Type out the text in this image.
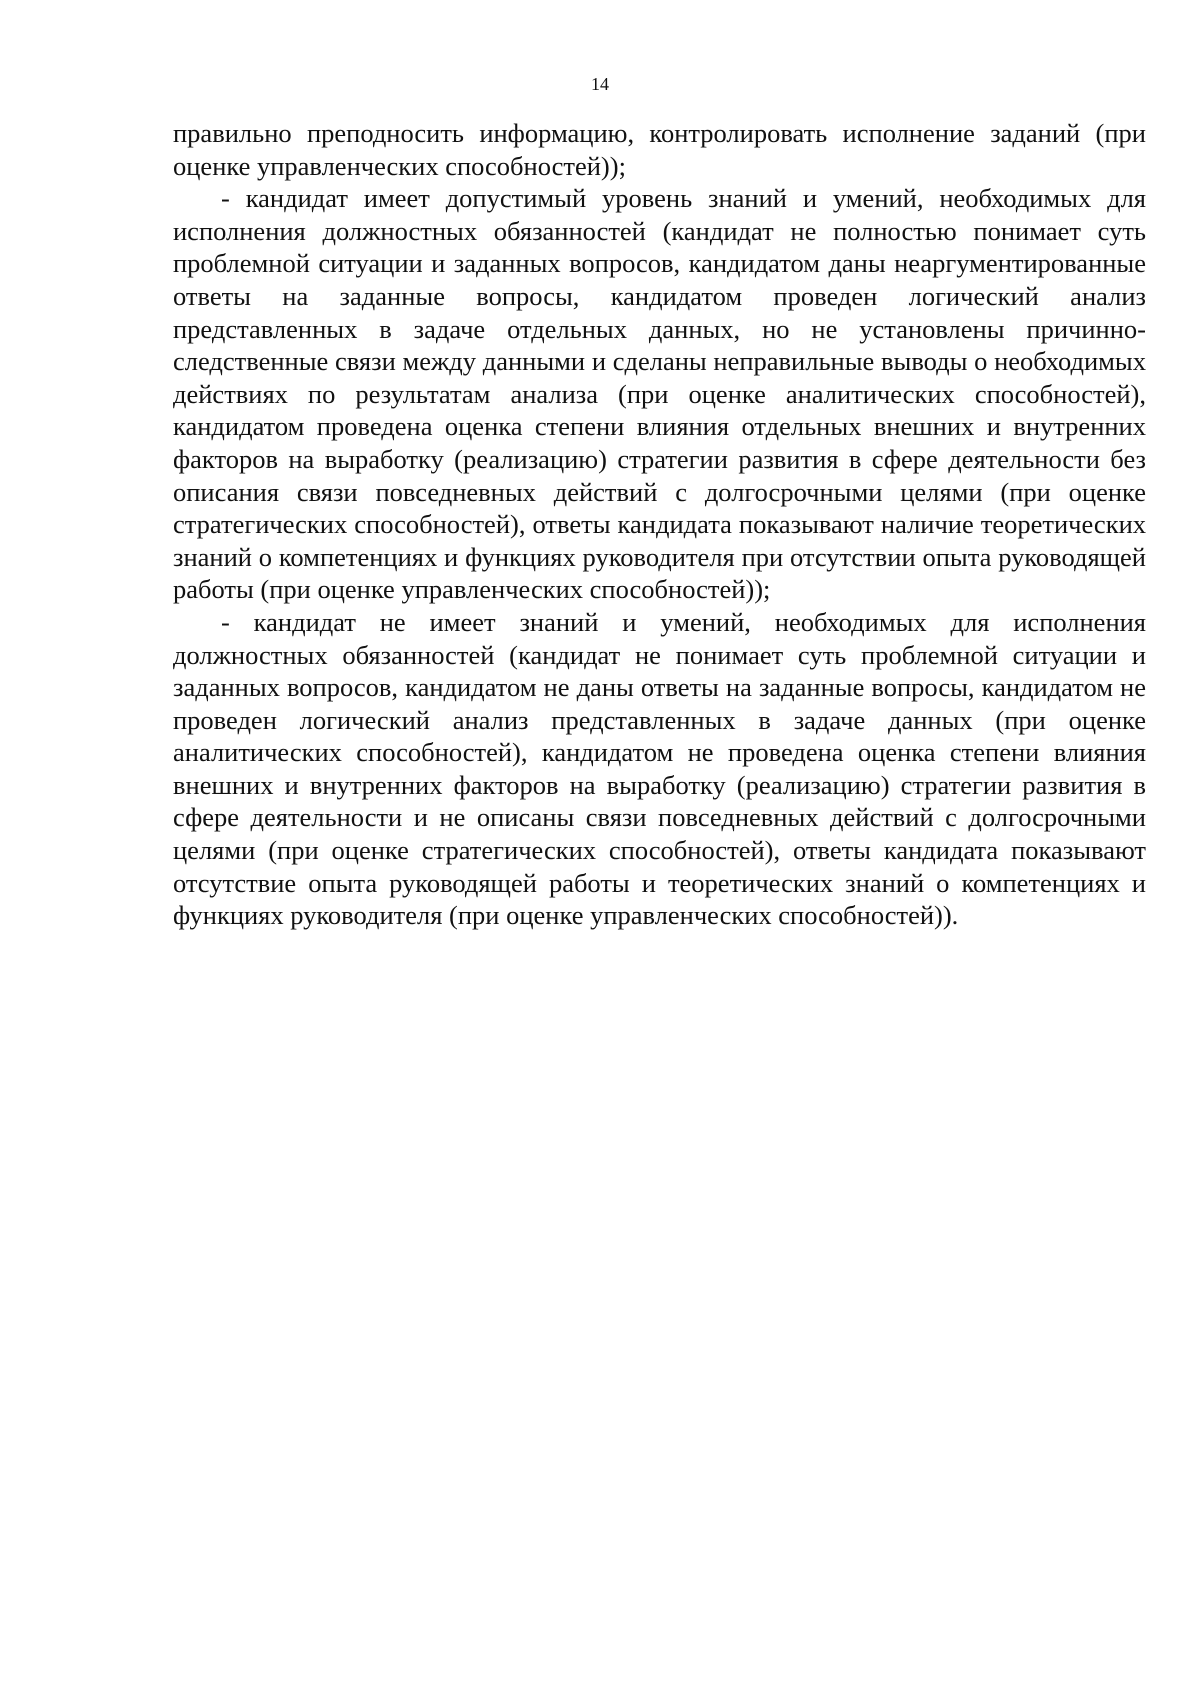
14

правильно преподносить информацию, контролировать исполнение заданий (при оценке управленческих способностей));

- кандидат имеет допустимый уровень знаний и умений, необходимых для исполнения должностных обязанностей (кандидат не полностью понимает суть проблемной ситуации и заданных вопросов, кандидатом даны неаргументированные ответы на заданные вопросы, кандидатом проведен логический анализ представленных в задаче отдельных данных, но не установлены причинно-следственные связи между данными и сделаны неправильные выводы о необходимых действиях по результатам анализа (при оценке аналитических способностей), кандидатом проведена оценка степени влияния отдельных внешних и внутренних факторов на выработку (реализацию) стратегии развития в сфере деятельности без описания связи повседневных действий с долгосрочными целями (при оценке стратегических способностей), ответы кандидата показывают наличие теоретических знаний о компетенциях и функциях руководителя при отсутствии опыта руководящей работы (при оценке управленческих способностей));

- кандидат не имеет знаний и умений, необходимых для исполнения должностных обязанностей (кандидат не понимает суть проблемной ситуации и заданных вопросов, кандидатом не даны ответы на заданные вопросы, кандидатом не проведен логический анализ представленных в задаче данных (при оценке аналитических способностей), кандидатом не проведена оценка степени влияния внешних и внутренних факторов на выработку (реализацию) стратегии развития в сфере деятельности и не описаны связи повседневных действий с долгосрочными целями (при оценке стратегических способностей), ответы кандидата показывают отсутствие опыта руководящей работы и теоретических знаний о компетенциях и функциях руководителя (при оценке управленческих способностей)).
